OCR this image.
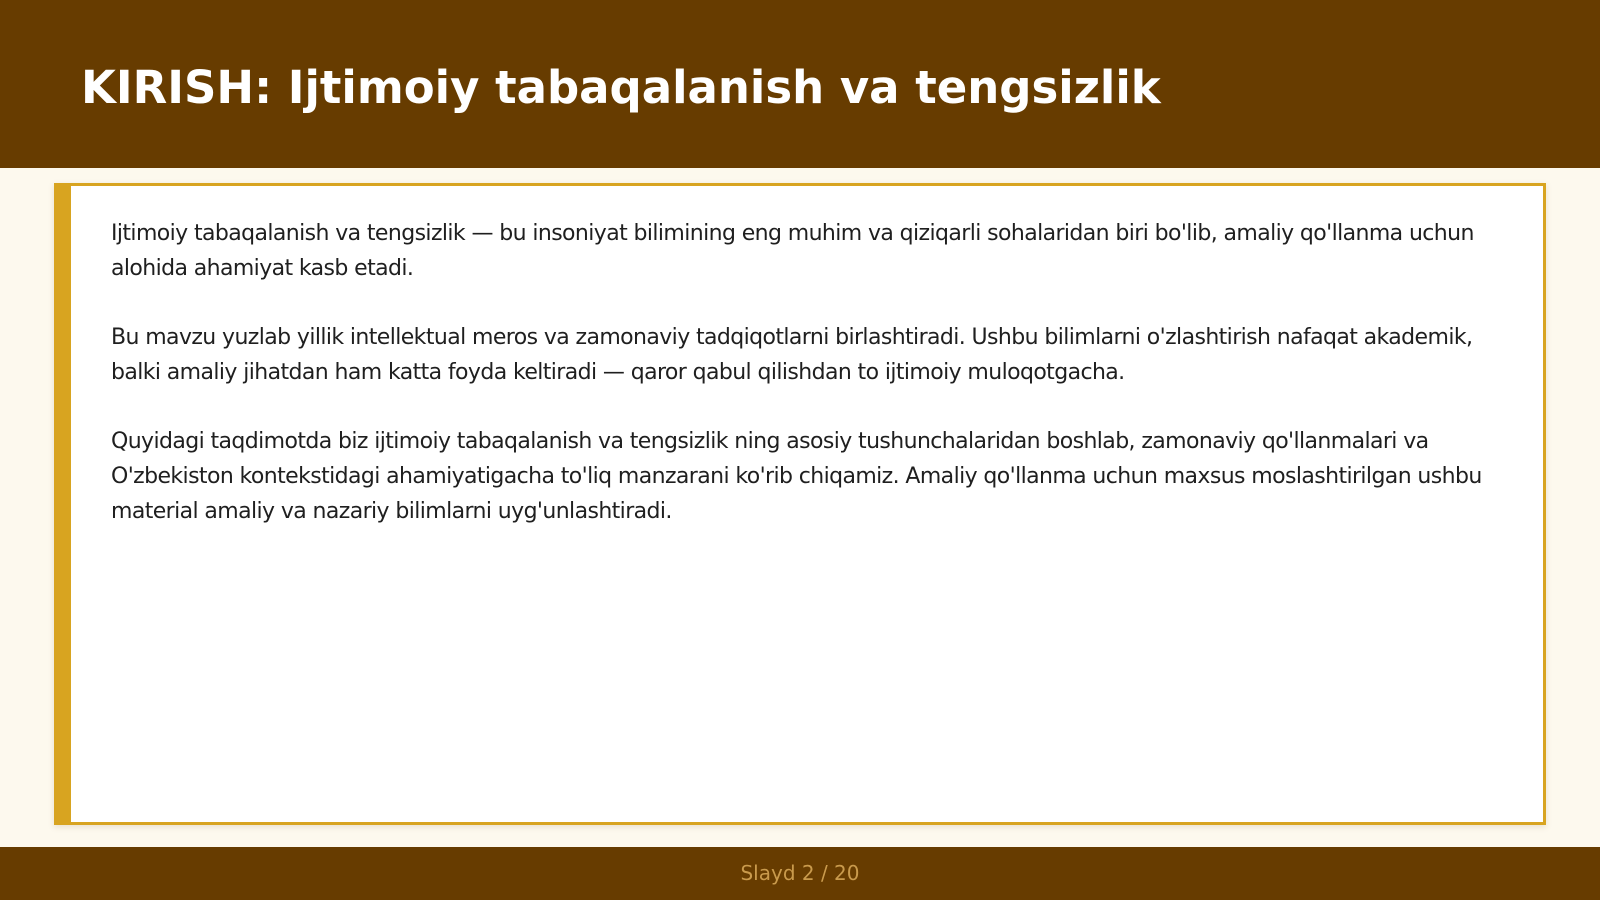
KIRISH: Ijtimoiy tabaqalanish va tengsizlik

Ijtimoiy tabaqalanish va tengsizlik — bu insoniyat bilimining eng muhim va qiziqarli sohalaridan biri bo'lib, amaliy qo'llanma uchun alohida ahamiyat kasb etadi.

Bu mavzu yuzlab yillik intellektual meros va zamonaviy tadqiqotlarni birlashtiradi. Ushbu bilimlarni o'zlashtirish nafaqat akademik, balki amaliy jihatdan ham katta foyda keltiradi — qaror qabul qilishdan to ijtimoiy muloqotgacha.

Quyidagi taqdimotda biz ijtimoiy tabaqalanish va tengsizlik ning asosiy tushunchalaridan boshlab, zamonaviy qo'llanmalari va O'zbekiston kontekstidagi ahamiyatigacha to'liq manzarani ko'rib chiqamiz. Amaliy qo'llanma uchun maxsus moslashtirilgan ushbu material amaliy va nazariy bilimlarni uyg'unlashtiradi.

Slayd 2 / 20
